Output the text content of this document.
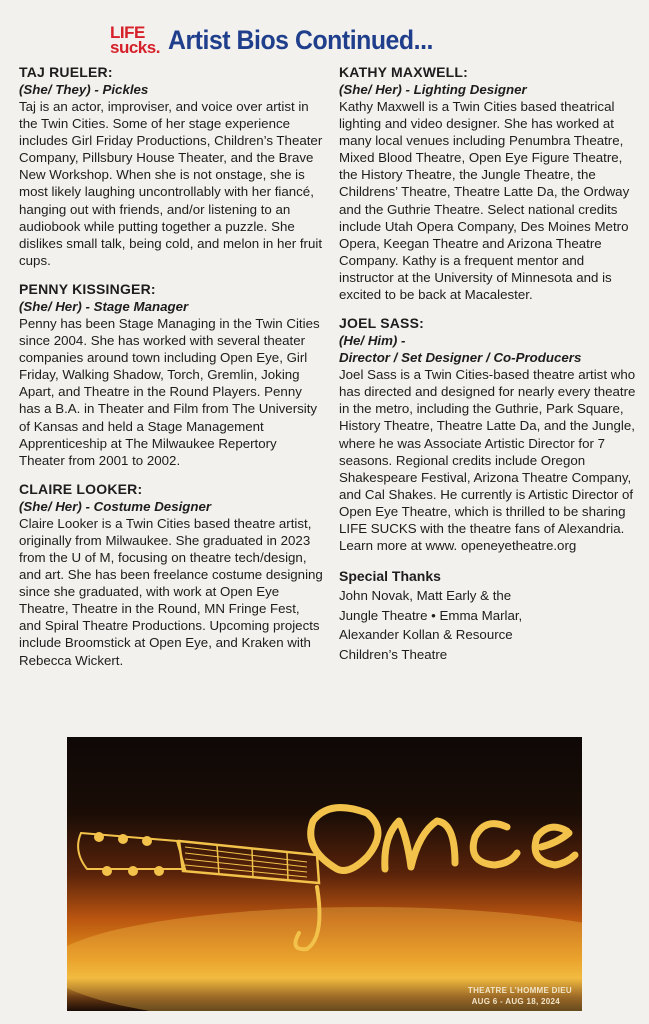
LIFE
sucks. Artist Bios Continued...
TAJ RUELER:
(She/ They) - Pickles
Taj is an actor, improviser, and voice over artist in the Twin Cities. Some of her stage experience includes Girl Friday Productions, Children’s Theater Company, Pillsbury House Theater, and the Brave New Workshop. When she is not onstage, she is most likely laughing uncontrollably with her fiancé, hanging out with friends, and/or listening to an audiobook while putting together a puzzle. She dislikes small talk, being cold, and melon in her fruit cups.
PENNY KISSINGER:
(She/ Her) - Stage Manager
Penny has been Stage Managing in the Twin Cities since 2004. She has worked with several theater companies around town including Open Eye, Girl Friday, Walking Shadow, Torch, Gremlin, Joking Apart, and Theatre in the Round Players. Penny has a B.A. in Theater and Film from The University of Kansas and held a Stage Management Apprenticeship at The Milwaukee Repertory Theater from 2001 to 2002.
CLAIRE LOOKER:
(She/ Her) - Costume Designer
Claire Looker is a Twin Cities based theatre artist, originally from Milwaukee. She graduated in 2023 from the U of M, focusing on theatre tech/design, and art. She has been freelance costume designing since she graduated, with work at Open Eye Theatre, Theatre in the Round, MN Fringe Fest, and Spiral Theatre Productions. Upcoming projects include Broomstick at Open Eye, and Kraken with Rebecca Wickert.
KATHY MAXWELL:
(She/ Her) - Lighting Designer
Kathy Maxwell is a Twin Cities based theatrical lighting and video designer. She has worked at many local venues including Penumbra Theatre, Mixed Blood Theatre, Open Eye Figure Theatre, the History Theatre, the Jungle Theatre, the Childrens’ Theatre, Theatre Latte Da, the Ordway and the Guthrie Theatre. Select national credits include Utah Opera Company, Des Moines Metro Opera, Keegan Theatre and Arizona Theatre Company. Kathy is a frequent mentor and instructor at the University of Minnesota and is excited to be back at Macalester.
JOEL SASS:
(He/ Him) -
Director / Set Designer / Co-Producers
Joel Sass is a Twin Cities-based theatre artist who has directed and designed for nearly every theatre in the metro, including the Guthrie, Park Square, History Theatre, Theatre Latte Da, and the Jungle, where he was Associate Artistic Director for 7 seasons. Regional credits include Oregon Shakespeare Festival, Arizona Theatre Company, and Cal Shakes. He currently is Artistic Director of Open Eye Theatre, which is thrilled to be sharing LIFE SUCKS with the theatre fans of Alexandria. Learn more at www. openeyetheatre.org
Special Thanks
John Novak, Matt Early & the
Jungle Theatre • Emma Marlar,
Alexander Kollan & Resource
Children’s Theatre
THEATRE L’HOMME DIEU
AUG 6 - AUG 18, 2024
